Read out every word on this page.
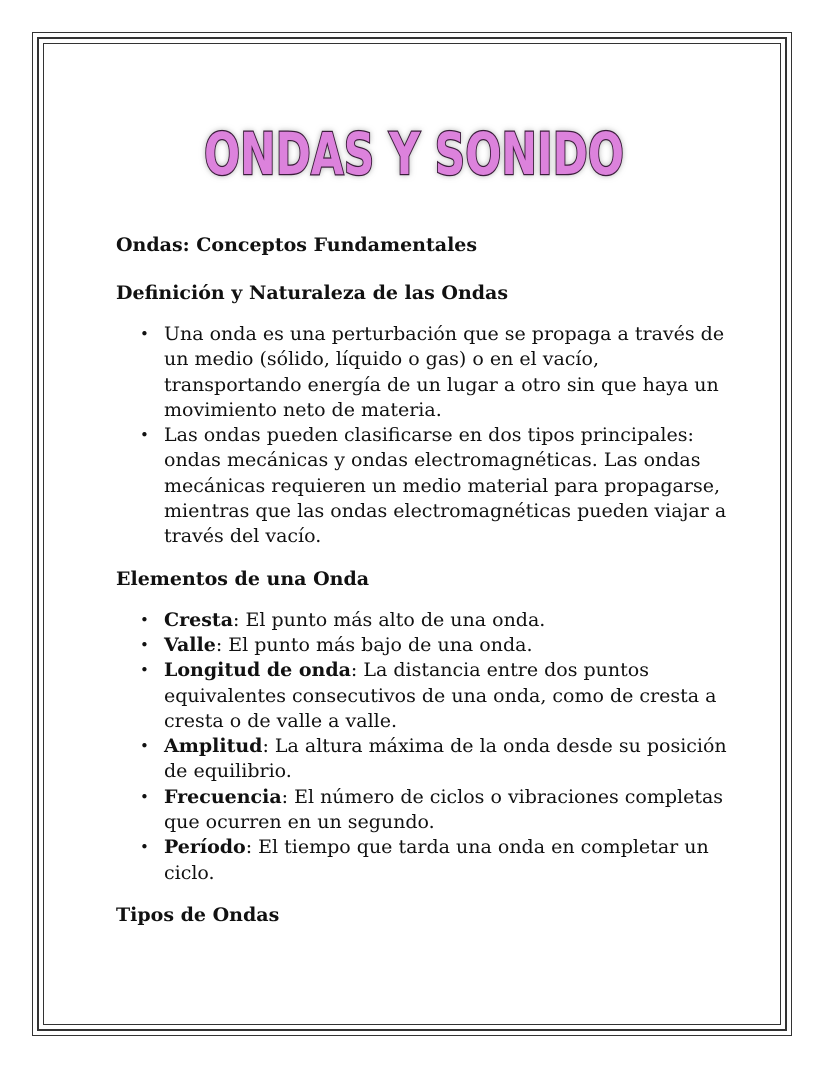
ONDAS Y SONIDO
Ondas: Conceptos Fundamentales
Definición y Naturaleza de las Ondas
• Una onda es una perturbación que se propaga a través de un medio (sólido, líquido o gas) o en el vacío, transportando energía de un lugar a otro sin que haya un movimiento neto de materia.
• Las ondas pueden clasificarse en dos tipos principales: ondas mecánicas y ondas electromagnéticas. Las ondas mecánicas requieren un medio material para propagarse, mientras que las ondas electromagnéticas pueden viajar a través del vacío.
Elementos de una Onda
• Cresta: El punto más alto de una onda.
• Valle: El punto más bajo de una onda.
• Longitud de onda: La distancia entre dos puntos equivalentes consecutivos de una onda, como de cresta a cresta o de valle a valle.
• Amplitud: La altura máxima de la onda desde su posición de equilibrio.
• Frecuencia: El número de ciclos o vibraciones completas que ocurren en un segundo.
• Período: El tiempo que tarda una onda en completar un ciclo.
Tipos de Ondas
